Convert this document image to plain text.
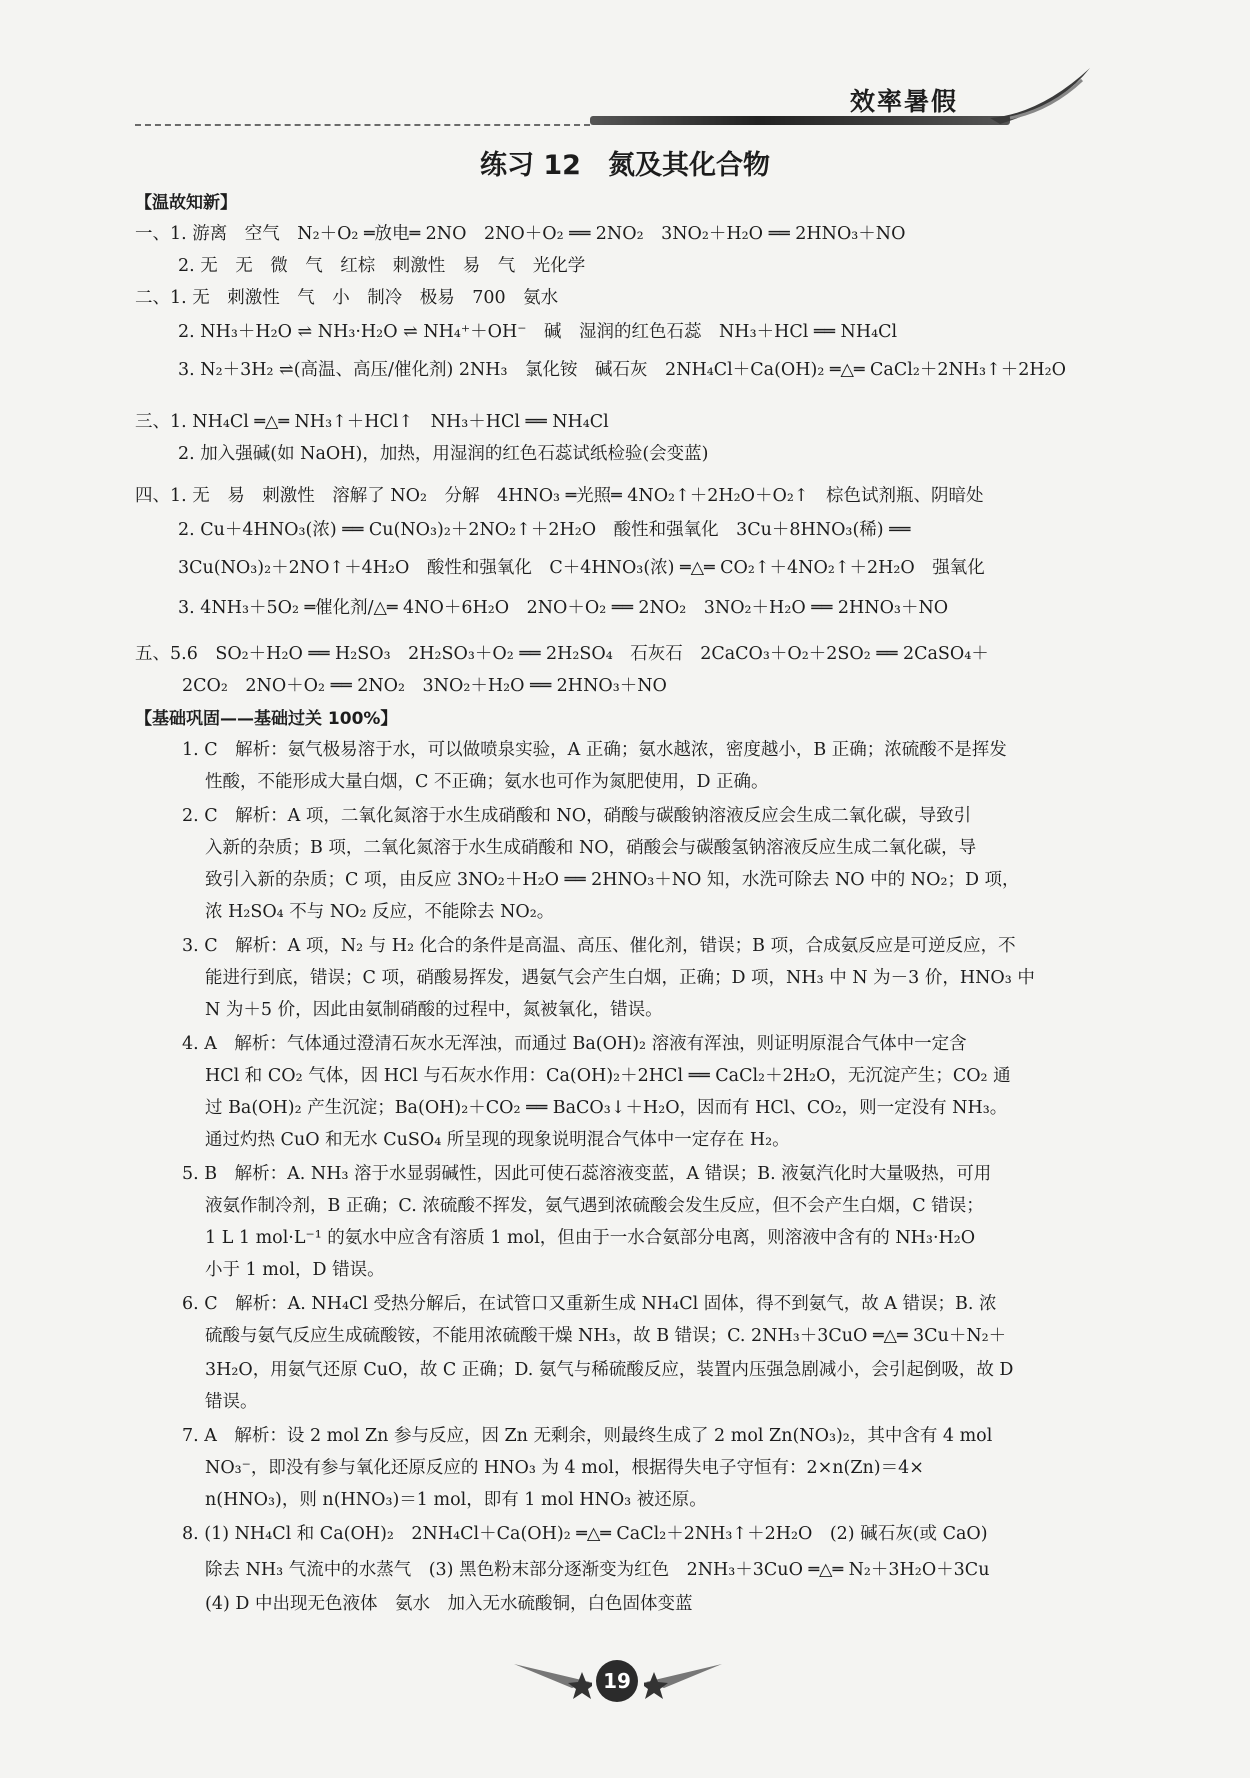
效率暑假
练习 12　氮及其化合物
【温故知新】
一、1. 游离　空气　N₂＋O₂ ═放电═ 2NO　2NO＋O₂ ══ 2NO₂　3NO₂＋H₂O ══ 2HNO₃＋NO
2. 无　无　微　气　红棕　刺激性　易　气　光化学
二、1. 无　刺激性　气　小　制冷　极易　700　氨水
2. NH₃＋H₂O ⇌ NH₃·H₂O ⇌ NH₄⁺＋OH⁻　碱　湿润的红色石蕊　NH₃＋HCl ══ NH₄Cl
3. N₂＋3H₂ ⇌(高温、高压/催化剂) 2NH₃　氯化铵　碱石灰　2NH₄Cl＋Ca(OH)₂ ═△═ CaCl₂＋2NH₃↑＋2H₂O
三、1. NH₄Cl ═△═ NH₃↑＋HCl↑　NH₃＋HCl ══ NH₄Cl
2. 加入强碱(如 NaOH)，加热，用湿润的红色石蕊试纸检验(会变蓝)
四、1. 无　易　刺激性　溶解了 NO₂　分解　4HNO₃ ═光照═ 4NO₂↑＋2H₂O＋O₂↑　棕色试剂瓶、阴暗处
2. Cu＋4HNO₃(浓) ══ Cu(NO₃)₂＋2NO₂↑＋2H₂O　酸性和强氧化　3Cu＋8HNO₃(稀) ══
3Cu(NO₃)₂＋2NO↑＋4H₂O　酸性和强氧化　C＋4HNO₃(浓) ═△═ CO₂↑＋4NO₂↑＋2H₂O　强氧化
3. 4NH₃＋5O₂ ═催化剂/△═ 4NO＋6H₂O　2NO＋O₂ ══ 2NO₂　3NO₂＋H₂O ══ 2HNO₃＋NO
五、5.6　SO₂＋H₂O ══ H₂SO₃　2H₂SO₃＋O₂ ══ 2H₂SO₄　石灰石　2CaCO₃＋O₂＋2SO₂ ══ 2CaSO₄＋
2CO₂　2NO＋O₂ ══ 2NO₂　3NO₂＋H₂O ══ 2HNO₃＋NO
【基础巩固——基础过关 100%】
1. C　解析：氨气极易溶于水，可以做喷泉实验，A 正确；氨水越浓，密度越小，B 正确；浓硫酸不是挥发
性酸，不能形成大量白烟，C 不正确；氨水也可作为氮肥使用，D 正确。
2. C　解析：A 项，二氧化氮溶于水生成硝酸和 NO，硝酸与碳酸钠溶液反应会生成二氧化碳，导致引
入新的杂质；B 项，二氧化氮溶于水生成硝酸和 NO，硝酸会与碳酸氢钠溶液反应生成二氧化碳，导
致引入新的杂质；C 项，由反应 3NO₂＋H₂O ══ 2HNO₃＋NO 知，水洗可除去 NO 中的 NO₂；D 项，
浓 H₂SO₄ 不与 NO₂ 反应，不能除去 NO₂。
3. C　解析：A 项，N₂ 与 H₂ 化合的条件是高温、高压、催化剂，错误；B 项，合成氨反应是可逆反应，不
能进行到底，错误；C 项，硝酸易挥发，遇氨气会产生白烟，正确；D 项，NH₃ 中 N 为－3 价，HNO₃ 中
N 为＋5 价，因此由氨制硝酸的过程中，氮被氧化，错误。
4. A　解析：气体通过澄清石灰水无浑浊，而通过 Ba(OH)₂ 溶液有浑浊，则证明原混合气体中一定含
HCl 和 CO₂ 气体，因 HCl 与石灰水作用：Ca(OH)₂＋2HCl ══ CaCl₂＋2H₂O，无沉淀产生；CO₂ 通
过 Ba(OH)₂ 产生沉淀；Ba(OH)₂＋CO₂ ══ BaCO₃↓＋H₂O，因而有 HCl、CO₂，则一定没有 NH₃。
通过灼热 CuO 和无水 CuSO₄ 所呈现的现象说明混合气体中一定存在 H₂。
5. B　解析：A. NH₃ 溶于水显弱碱性，因此可使石蕊溶液变蓝，A 错误；B. 液氨汽化时大量吸热，可用
液氨作制冷剂，B 正确；C. 浓硫酸不挥发，氨气遇到浓硫酸会发生反应，但不会产生白烟，C 错误；
1 L 1 mol·L⁻¹ 的氨水中应含有溶质 1 mol，但由于一水合氨部分电离，则溶液中含有的 NH₃·H₂O
小于 1 mol，D 错误。
6. C　解析：A. NH₄Cl 受热分解后，在试管口又重新生成 NH₄Cl 固体，得不到氨气，故 A 错误；B. 浓
硫酸与氨气反应生成硫酸铵，不能用浓硫酸干燥 NH₃，故 B 错误；C. 2NH₃＋3CuO ═△═ 3Cu＋N₂＋
3H₂O，用氨气还原 CuO，故 C 正确；D. 氨气与稀硫酸反应，装置内压强急剧减小，会引起倒吸，故 D
错误。
7. A　解析：设 2 mol Zn 参与反应，因 Zn 无剩余，则最终生成了 2 mol Zn(NO₃)₂，其中含有 4 mol
NO₃⁻，即没有参与氧化还原反应的 HNO₃ 为 4 mol，根据得失电子守恒有：2×n(Zn)＝4×
n(HNO₃)，则 n(HNO₃)＝1 mol，即有 1 mol HNO₃ 被还原。
8. (1) NH₄Cl 和 Ca(OH)₂　2NH₄Cl＋Ca(OH)₂ ═△═ CaCl₂＋2NH₃↑＋2H₂O　(2) 碱石灰(或 CaO)
除去 NH₃ 气流中的水蒸气　(3) 黑色粉末部分逐渐变为红色　2NH₃＋3CuO ═△═ N₂＋3H₂O＋3Cu
(4) D 中出现无色液体　氨水　加入无水硫酸铜，白色固体变蓝
19
